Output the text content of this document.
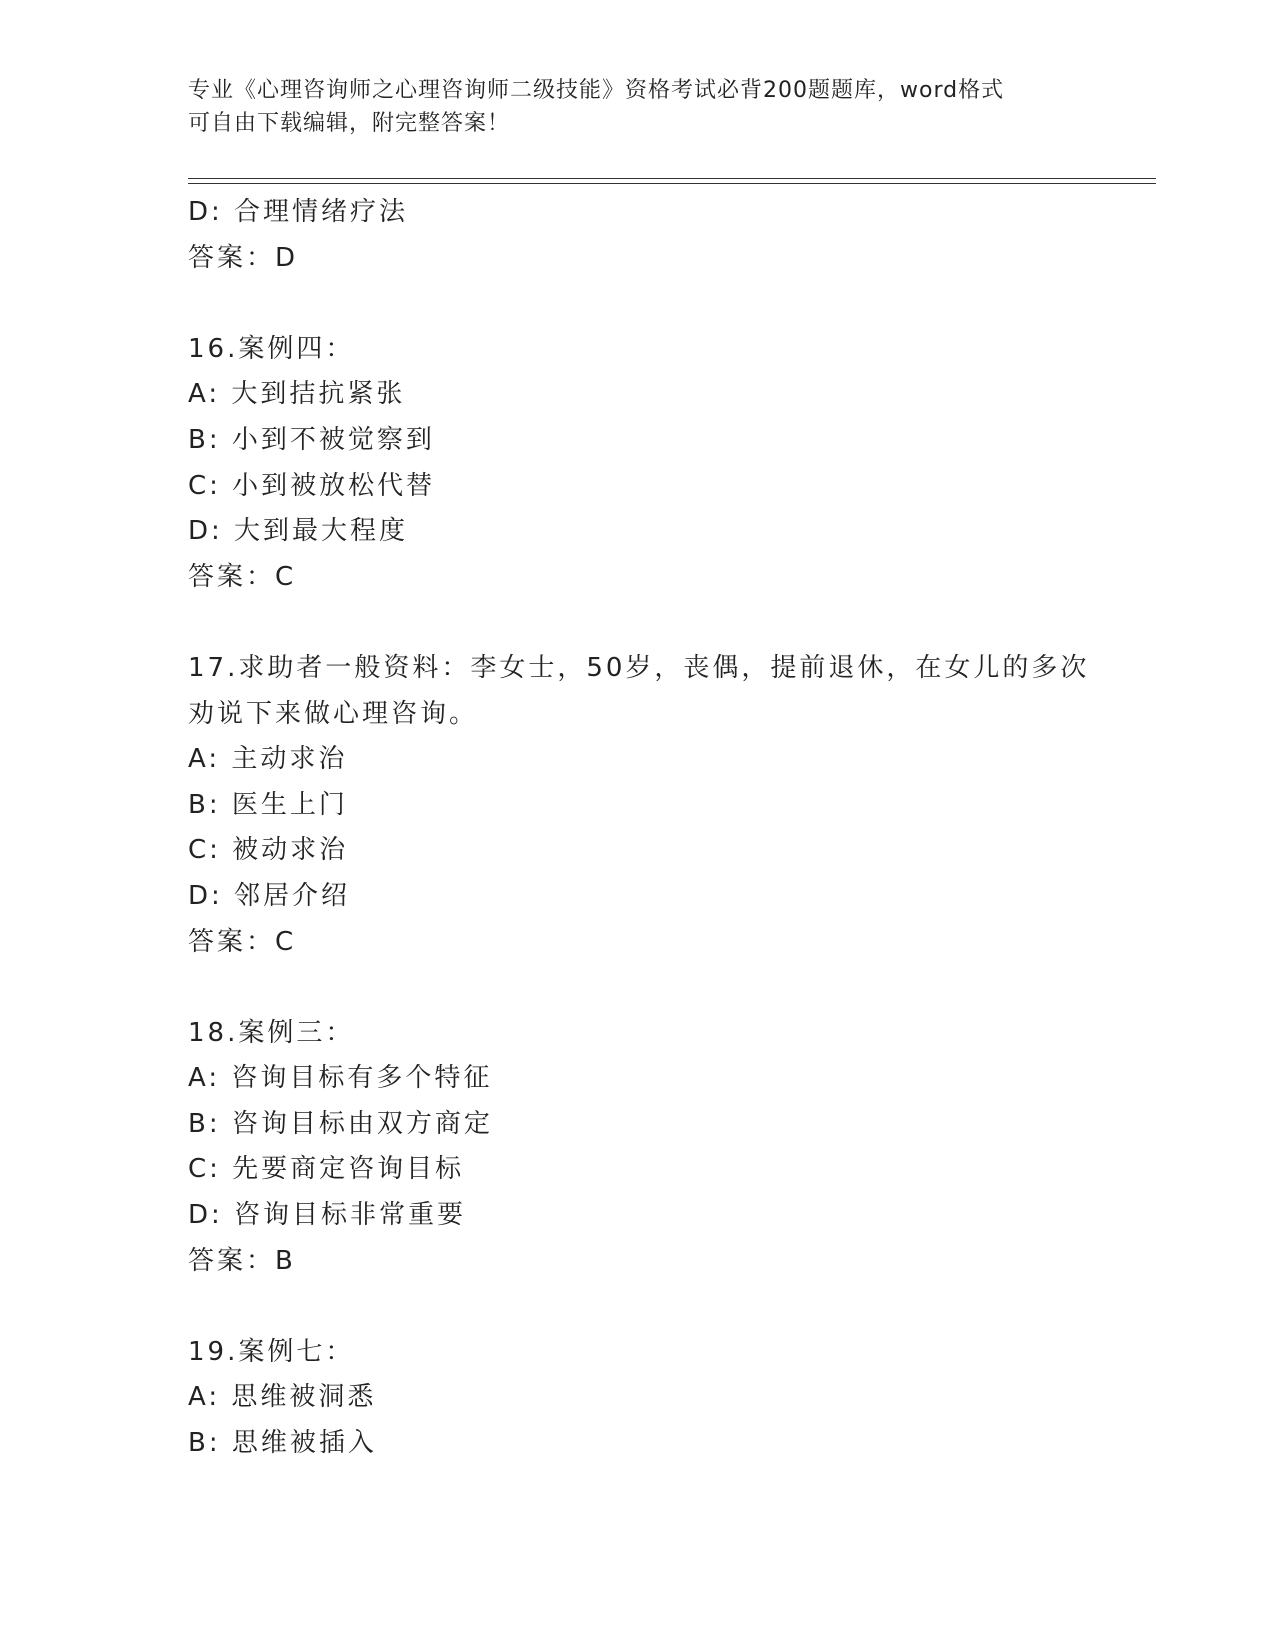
专业《心理咨询师之心理咨询师二级技能》资格考试必背200题题库，word格式
可自由下载编辑，附完整答案！
D: 合理情绪疗法
答案：D
16.案例四：
A: 大到拮抗紧张
B: 小到不被觉察到
C: 小到被放松代替
D: 大到最大程度
答案：C
17.求助者一般资料：李女士，50岁，丧偶，提前退休，在女儿的多次
劝说下来做心理咨询。
A: 主动求治
B: 医生上门
C: 被动求治
D: 邻居介绍
答案：C
18.案例三：
A: 咨询目标有多个特征
B: 咨询目标由双方商定
C: 先要商定咨询目标
D: 咨询目标非常重要
答案：B
19.案例七：
A: 思维被洞悉
B: 思维被插入
